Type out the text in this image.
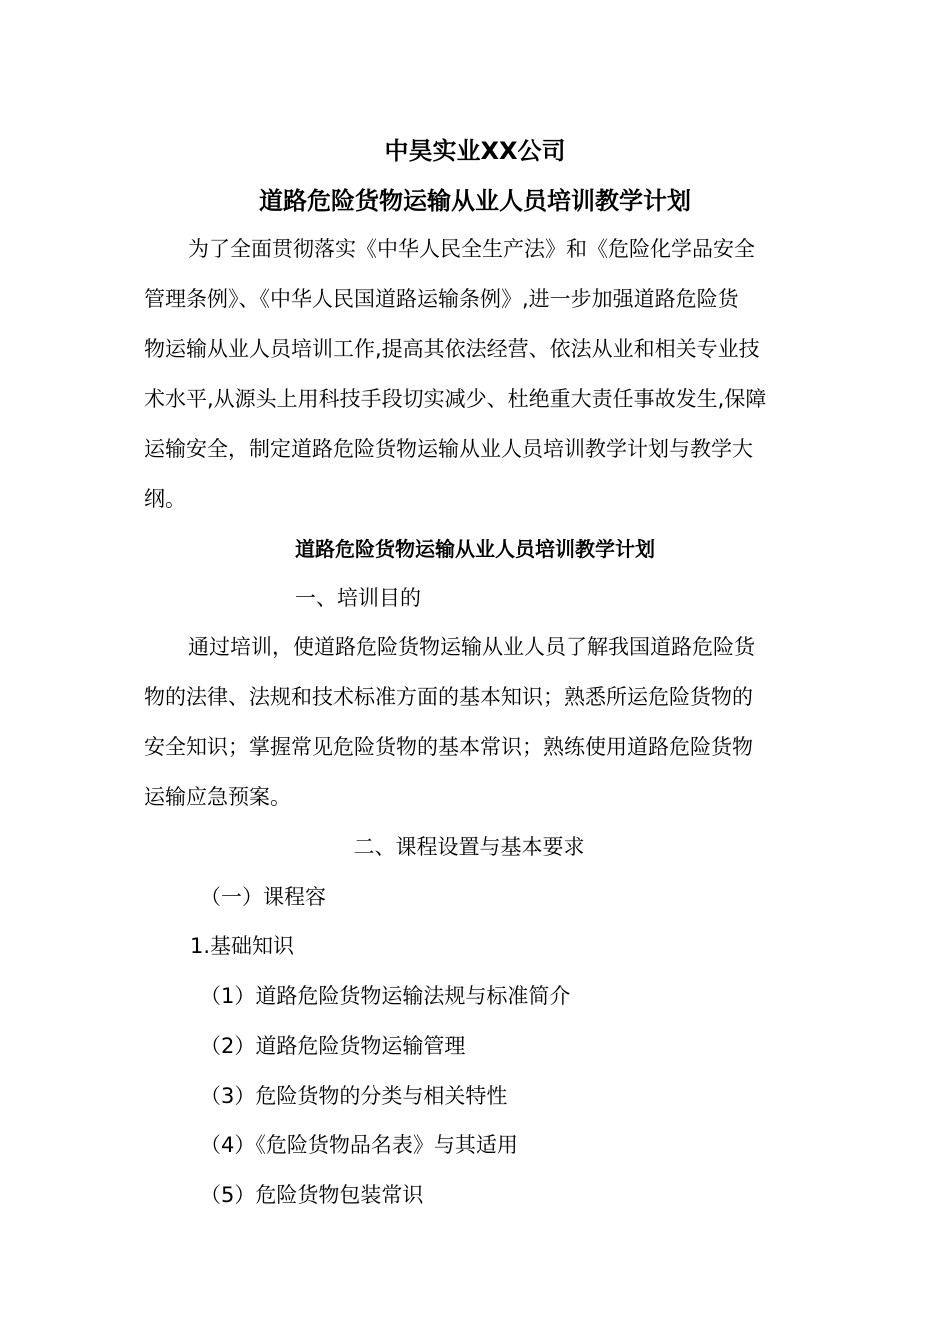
中昊实业XX公司
道路危险货物运输从业人员培训教学计划
为了全面贯彻落实《中华人民全生产法》和《危险化学品安全
管理条例》、《中华人民国道路运输条例》,进一步加强道路危险货
物运输从业人员培训工作,提高其依法经营、依法从业和相关专业技
术水平,从源头上用科技手段切实减少、杜绝重大责任事故发生,保障
运输安全，制定道路危险货物运输从业人员培训教学计划与教学大
纲。
道路危险货物运输从业人员培训教学计划
一、培训目的
通过培训，使道路危险货物运输从业人员了解我国道路危险货
物的法律、法规和技术标准方面的基本知识；熟悉所运危险货物的
安全知识；掌握常见危险货物的基本常识；熟练使用道路危险货物
运输应急预案。
二、课程设置与基本要求
（一）课程容
1.基础知识
（1）道路危险货物运输法规与标准简介
（2）道路危险货物运输管理
（3）危险货物的分类与相关特性
（4）《危险货物品名表》与其适用
（5）危险货物包装常识
